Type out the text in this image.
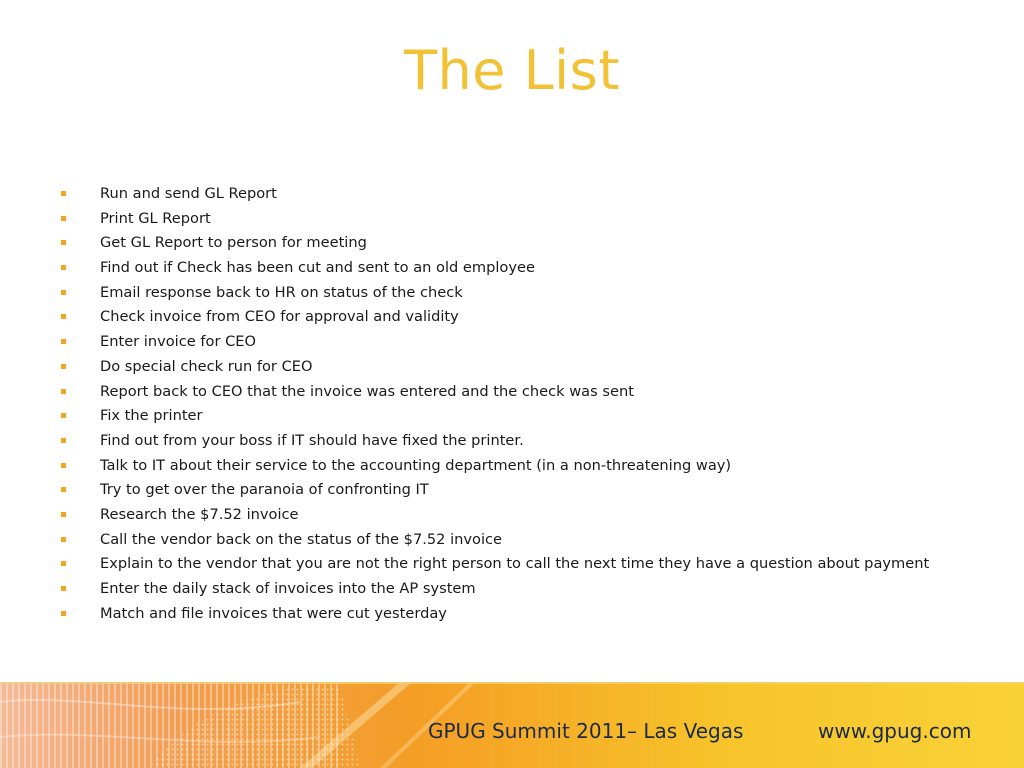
The List
Run and send GL Report
Print GL Report
Get GL Report to person for meeting
Find out if Check has been cut and sent to an old employee
Email response back to HR on status of the check
Check invoice from CEO for approval and validity
Enter invoice for CEO
Do special check run for CEO
Report back to CEO that the invoice was entered and the check was sent
Fix the printer
Find out from your boss if IT should have fixed the printer.
Talk to IT about their service to the accounting department (in a non-threatening way)
Try to get over the paranoia of confronting IT
Research the $7.52 invoice
Call the vendor back on the status of the $7.52 invoice
Explain to the vendor that you are not the right person to call the next time they have a question about payment
Enter the daily stack of invoices into the AP system
Match and file invoices that were cut yesterday
GPUG Summit 2011– Las Vegas	www.gpug.com
